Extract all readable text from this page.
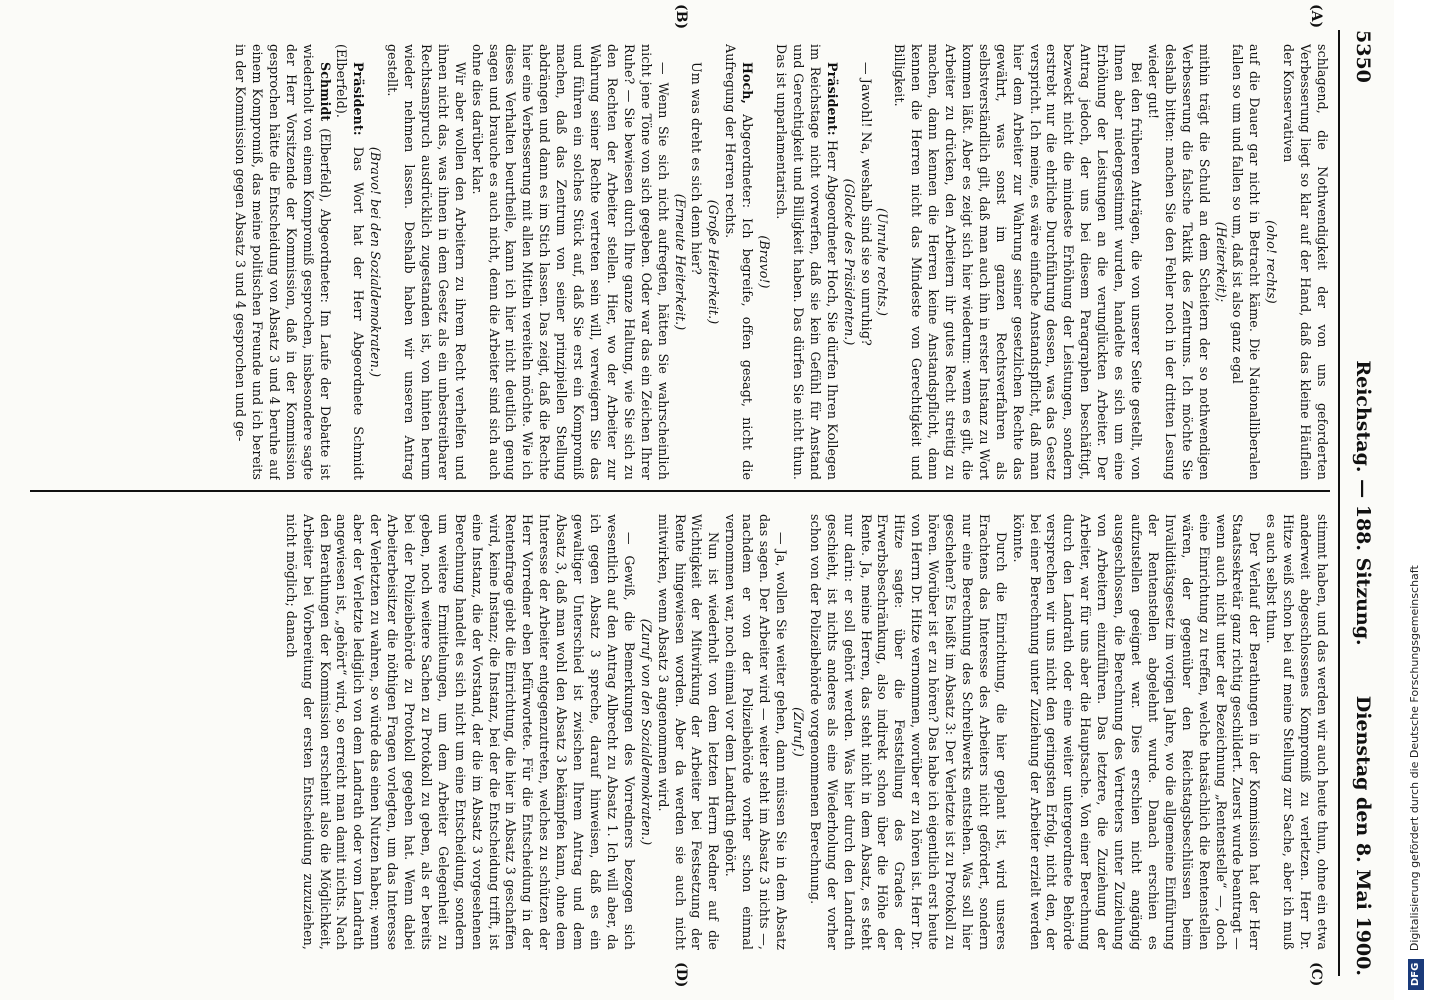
5350
Reichstag. — 188. Sitzung.
Dienstag den 8. Mai 1900.
(A)
(B)
(C)
(D)

schlagend, die Nothwendigkeit der von uns geforderten Verbesserung liegt so klar auf der Hand, daß das kleine Häuflein der Konservativen

(oho! rechts)

auf die Dauer gar nicht in Betracht käme. Die Nationalliberalen fallen so um und fallen so um, daß ist also ganz egal

(Heiterkeit);

mithin trägt die Schuld an dem Scheitern der so nothwendigen Verbesserung die falsche Taktik des Zentrums. Ich möchte Sie deshalb bitten: machen Sie den Fehler noch in der dritten Lesung wieder gut!

Bei den früheren Anträgen, die von unserer Seite gestellt, von Ihnen aber niedergestimmt wurden, handelte es sich um eine Erhöhung der Leistungen an die verunglückten Arbeiter. Der Antrag jedoch, der uns bei diesem Paragraphen beschäftigt, bezweckt nicht die mindeste Erhöhung der Leistungen, sondern erstrebt nur die ehrliche Durchführung dessen, was das Gesetz verspricht. Ich meine, es wäre einfache Anstandspflicht, daß man hier dem Arbeiter zur Wahrung seiner gesetzlichen Rechte das gewährt, was sonst im ganzen Rechtsverfahren als selbstverständlich gilt, daß man auch ihn in erster Instanz zu Wort kommen läßt. Aber es zeigt sich hier wiederum: wenn es gilt, die Arbeiter zu drücken, den Arbeitern ihr gutes Recht streitig zu machen, dann kennen die Herren keine Anstandspflicht, dann kennen die Herren nicht das Mindeste von Gerechtigkeit und Billigkeit.

(Unruhe rechts.)

— Jawohl! Na, weshalb sind sie so unruhig?

(Glocke des Präsidenten.)

Präsident: Herr Abgeordneter Hoch, Sie dürfen Ihren Kollegen im Reichstage nicht vorwerfen, daß sie kein Gefühl für Anstand und Gerechtigkeit und Billigkeit haben. Das dürfen Sie nicht thun. Das ist unparlamentarisch.

(Bravo!)

Hoch, Abgeordneter: Ich begreife, offen gesagt, nicht die Aufregung der Herren rechts.

(Große Heiterkeit.)

Um was dreht es sich denn hier?

(Erneute Heiterkeit.)

— Wenn Sie sich nicht aufregten, hätten Sie wahrscheinlich nicht jene Töne von sich gegeben. Oder war das ein Zeichen Ihrer Ruhe? — Sie bewiesen durch Ihre ganze Haltung, wie Sie sich zu den Rechten der Arbeiter stellen. Hier, wo der Arbeiter zur Wahrung seiner Rechte vertreten sein will, verweigern Sie das und führen ein solches Stück auf, daß Sie erst ein Kompromiß machen, daß das Zentrum von seiner prinzipiellen Stellung abdrängen und dann es im Stich lassen. Das zeigt, daß die Rechte hier eine Verbesserung mit allen Mitteln vereiteln möchte. Wie ich dieses Verhalten beurtheile, kann ich hier nicht deutlich genug sagen und brauche es auch nicht, denn die Arbeiter sind sich auch ohne dies darüber klar.

Wir aber wollen den Arbeitern zu ihrem Recht verhelfen und ihnen nicht das, was ihnen in dem Gesetz als ein unbestreitbarer Rechtsanspruch ausdrücklich zugestanden ist, von hinten herum wieder nehmen lassen. Deshalb haben wir unseren Antrag gestellt.

(Bravo! bei den Sozialdemokraten.)

Präsident: Das Wort hat der Herr Abgeordnete Schmidt (Elberfeld).

Schmidt (Elberfeld), Abgeordneter: Im Laufe der Debatte ist wiederholt von einem Kompromiß gesprochen, insbesondere sagte der Herr Vorsitzende der Kommission, daß in der Kommission gesprochen hätte die Entscheidung von Absatz 3 und 4 beruhe auf einem Kompromiß, das meine politischen Freunde und ich bereits in der Kommission gegen Absatz 3 und 4 gesprochen und ge-

stimmt haben, und das werden wir auch heute thun, ohne ein etwa anderweit abgeschlossenes Kompromiß zu verletzen. Herr Dr. Hitze weiß schon bei auf meine Stellung zur Sache, aber ich muß es auch selbst thun.

Der Verlauf der Berathungen in der Kommission hat der Herr Staatssekretär ganz richtig geschildert. Zuerst wurde beantragt — wenn auch nicht unter der Bezeichnung „Rentenstelle“ —, doch eine Einrichtung zu treffen, welche thatsächlich die Rentenstellen wären, der gegenüber den Reichstagsbeschlüssen beim Invaliditätsgesetz im vorigen Jahre, wo die allgemeine Einführung der Rentenstellen abgelehnt wurde. Danach erschien es aufzustellen geeignet war. Dies erschien nicht angängig ausgeschlossen, die Berechnung des Vertreters unter Zuziehung von Arbeitern einzuführen. Das letztere, die Zuziehung der Arbeiter, war für uns aber die Hauptsache. Von einer Berechnung durch den Landrath oder eine weiter untergeordnete Behörde versprechen wir uns nicht den geringsten Erfolg, nicht den, der bei einer Berechnung unter Zuziehung der Arbeiter erzielt werden könnte.

Durch die Einrichtung, die hier geplant ist, wird unseres Erachtens das Interesse des Arbeiters nicht gefördert, sondern nur eine Berechnung des Schreibwerks entstehen. Was soll hier geschehen? Es heißt im Absatz 3: Der Verletzte ist zu Protokoll zu hören. Worüber ist er zu hören? Das habe ich eigentlich erst heute von Herrn Dr. Hitze vernommen, worüber er zu hören ist. Herr Dr. Hitze sagte: über die Feststellung des Grades der Erwerbsbeschränkung, also indirekt schon über die Höhe der Rente. Ja, meine Herren, das steht nicht in dem Absatz, es steht nur darin: er soll gehört werden. Was hier durch den Landrath geschieht, ist nichts anderes als eine Wiederholung der vorher schon von der Polizeibehörde vorgenommenen Berechnung.

(Zuruf.)

— Ja, wollen Sie weiter gehen, dann müssen Sie in dem Absatz das sagen. Der Arbeiter wird — weiter steht im Absatz 3 nichts —, nachdem er von der Polizeibehörde vorher schon einmal vernommen war, noch einmal vor dem Landrath gehört.

Nun ist wiederholt von dem letzten Herrn Redner auf die Wichtigkeit der Mitwirkung der Arbeiter bei Festsetzung der Rente hingewiesen worden. Aber da werden sie auch nicht mitwirken, wenn Absatz 3 angenommen wird.

(Zuruf von den Sozialdemokraten.)

— Gewiß, die Bemerkungen des Vorredners bezogen sich wesentlich auf den Antrag Albrecht zu Absatz 1. Ich will aber, da ich gegen Absatz 3 spreche, darauf hinweisen, daß es ein gewaltiger Unterschied ist zwischen Ihrem Antrag und dem Absatz 3, daß man wohl den Absatz 3 bekämpfen kann, ohne dem Interesse der Arbeiter entgegenzutreten, welches zu schützen der Herr Vorredner eben befürwortete. Für die Entscheidung in der Rentenfrage giebt die Einrichtung, die hier in Absatz 3 geschaffen wird, keine Instanz; die Instanz, bei der die Entscheidung trifft, ist eine Instanz, die der Vorstand, der die im Absatz 3 vorgesehenen Berechnung handelt es sich nicht um eine Entscheidung, sondern um weitere Ermittelungen, um dem Arbeiter Gelegenheit zu geben, noch weitere Sachen zu Protokoll zu geben, als er bereits bei der Polizeibehörde zu Protokoll gegeben hat. Wenn dabei Arbeiterbeisitzer die nöthigen Fragen vorlegten, um das Interesse der Verletzten zu wahren, so würde das einen Nutzen haben; wenn aber der Verletzte lediglich von dem Landrath oder vom Landrath angewiesen ist, „gehört“ wird, so erreicht man damit nichts. Nach den Berathungen der Kommission erscheint also die Möglichkeit, Arbeiter bei Vorbereitung der ersten Entscheidung zuzuziehen, nicht möglich; danach

DFG Digitalisierung gefördert durch die Deutsche Forschungsgemeinschaft
